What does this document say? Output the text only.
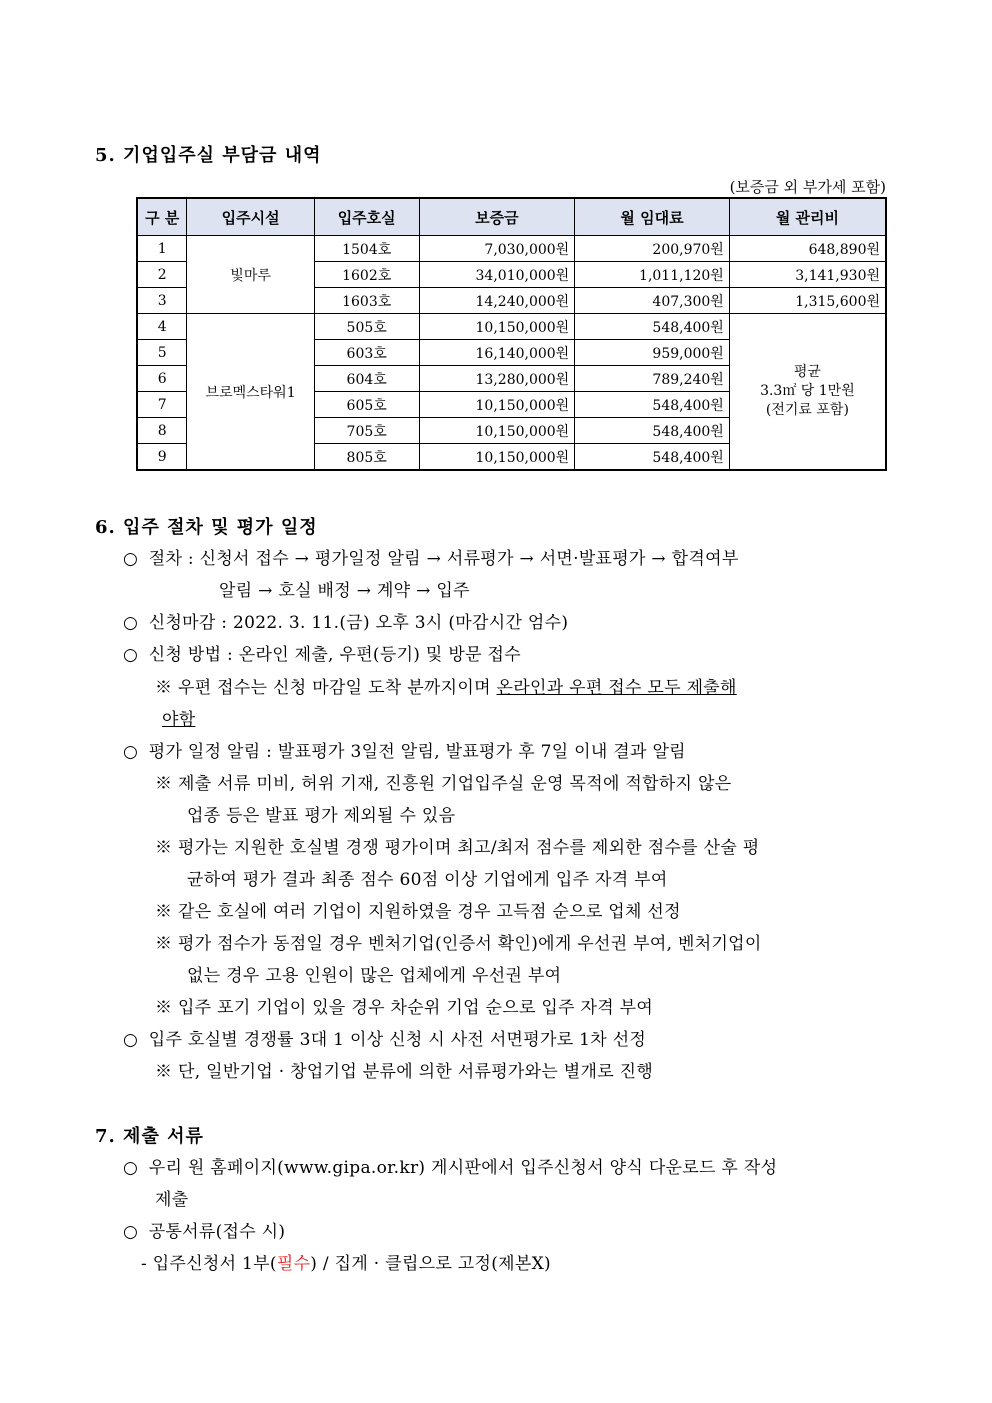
5. 기업입주실 부담금 내역
(보증금 외 부가세 포함)
구 분	입주시설	입주호실	보증금	월 임대료	월 관리비
1	빛마루	1504호	7,030,000원	200,970원	648,890원
2		1602호	34,010,000원	1,011,120원	3,141,930원
3		1603호	14,240,000원	407,300원	1,315,600원
4	브로멕스타워1	505호	10,150,000원	548,400원	평균
3.3㎡ 당 1만원
(전기료 포함)

5		603호	16,140,000원	959,000원	
6		604호	13,280,000원	789,240원	
7		605호	10,150,000원	548,400원	
8		705호	10,150,000원	548,400원	
9		805호	10,150,000원	548,400원	
6. 입주 절차 및 평가 일정
○ 절차 : 신청서 접수 → 평가일정 알림 → 서류평가 → 서면·발표평가 → 합격여부
알림 → 호실 배정 → 계약 → 입주
○ 신청마감 : 2022. 3. 11.(금) 오후 3시 (마감시간 엄수)
○ 신청 방법 : 온라인 제출, 우편(등기) 및 방문 접수
※ 우편 접수는 신청 마감일 도착 분까지이며 온라인과 우편 접수 모두 제출해
야함
○ 평가 일정 알림 : 발표평가 3일전 알림, 발표평가 후 7일 이내 결과 알림
※ 제출 서류 미비, 허위 기재, 진흥원 기업입주실 운영 목적에 적합하지 않은
업종 등은 발표 평가 제외될 수 있음
※ 평가는 지원한 호실별 경쟁 평가이며 최고/최저 점수를 제외한 점수를 산술 평
균하여 평가 결과 최종 점수 60점 이상 기업에게 입주 자격 부여
※ 같은 호실에 여러 기업이 지원하였을 경우 고득점 순으로 업체 선정
※ 평가 점수가 동점일 경우 벤처기업(인증서 확인)에게 우선권 부여, 벤처기업이
없는 경우 고용 인원이 많은 업체에게 우선권 부여
※ 입주 포기 기업이 있을 경우 차순위 기업 순으로 입주 자격 부여
○ 입주 호실별 경쟁률 3대 1 이상 신청 시 사전 서면평가로 1차 선정
※ 단, 일반기업 · 창업기업 분류에 의한 서류평가와는 별개로 진행
7. 제출 서류
○ 우리 원 홈페이지(www.gipa.or.kr) 게시판에서 입주신청서 양식 다운로드 후 작성
제출
○ 공통서류(접수 시)
- 입주신청서 1부(필수) / 집게 · 클립으로 고정(제본X)
